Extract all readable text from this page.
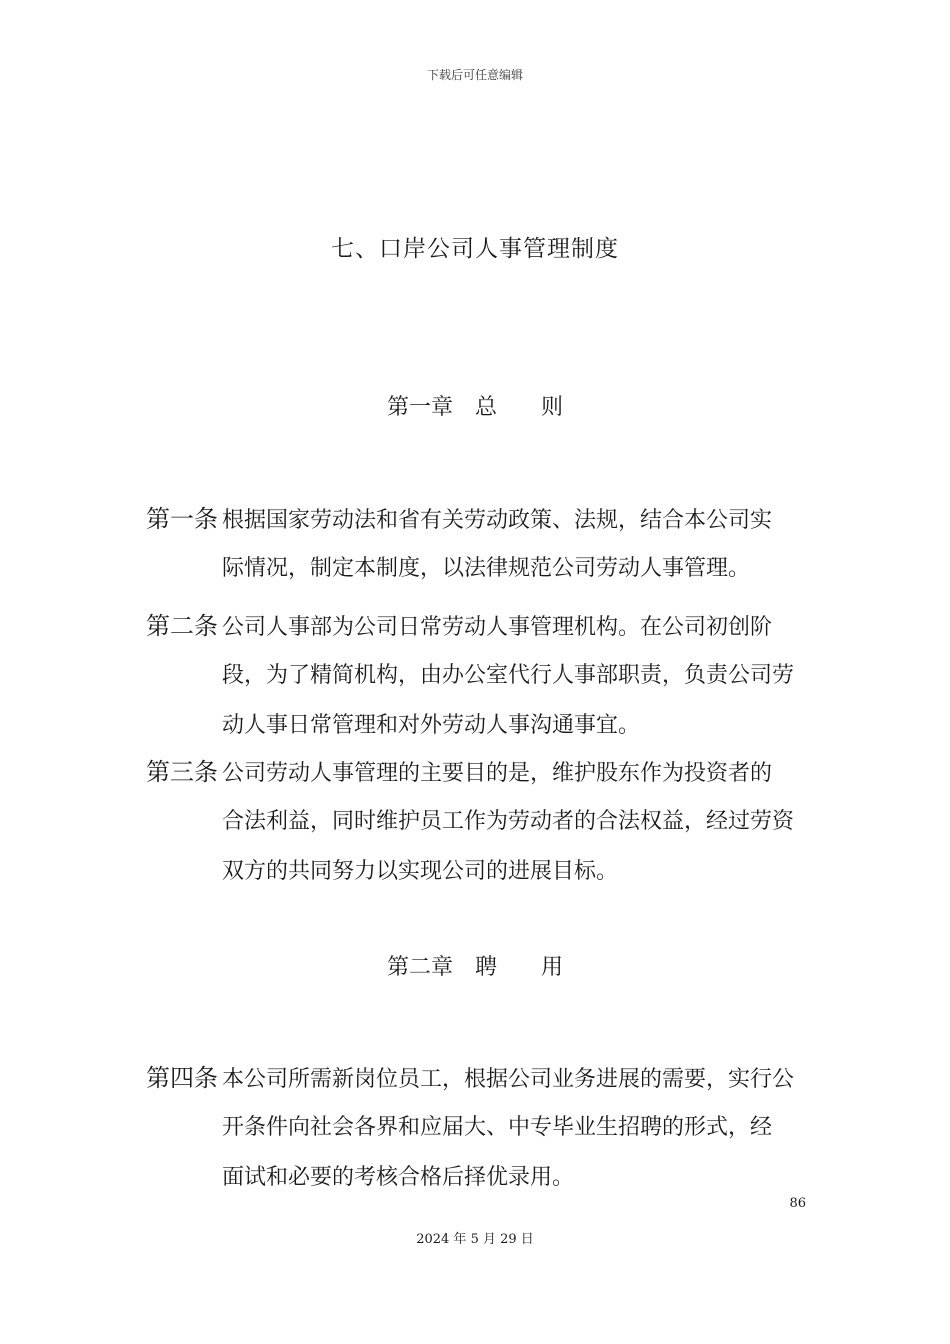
下载后可任意编辑
七、口岸公司人事管理制度
第一章　总　　则
第一条 根据国家劳动法和省有关劳动政策、法规，结合本公司实
际情况，制定本制度，以法律规范公司劳动人事管理。
第二条 公司人事部为公司日常劳动人事管理机构。在公司初创阶
段，为了精简机构，由办公室代行人事部职责，负责公司劳
动人事日常管理和对外劳动人事沟通事宜。
第三条 公司劳动人事管理的主要目的是，维护股东作为投资者的
合法利益，同时维护员工作为劳动者的合法权益，经过劳资
双方的共同努力以实现公司的进展目标。
第二章　聘　　用
第四条 本公司所需新岗位员工，根据公司业务进展的需要，实行公
开条件向社会各界和应届大、中专毕业生招聘的形式，经
面试和必要的考核合格后择优录用。
86
2024 年 5 月 29 日
